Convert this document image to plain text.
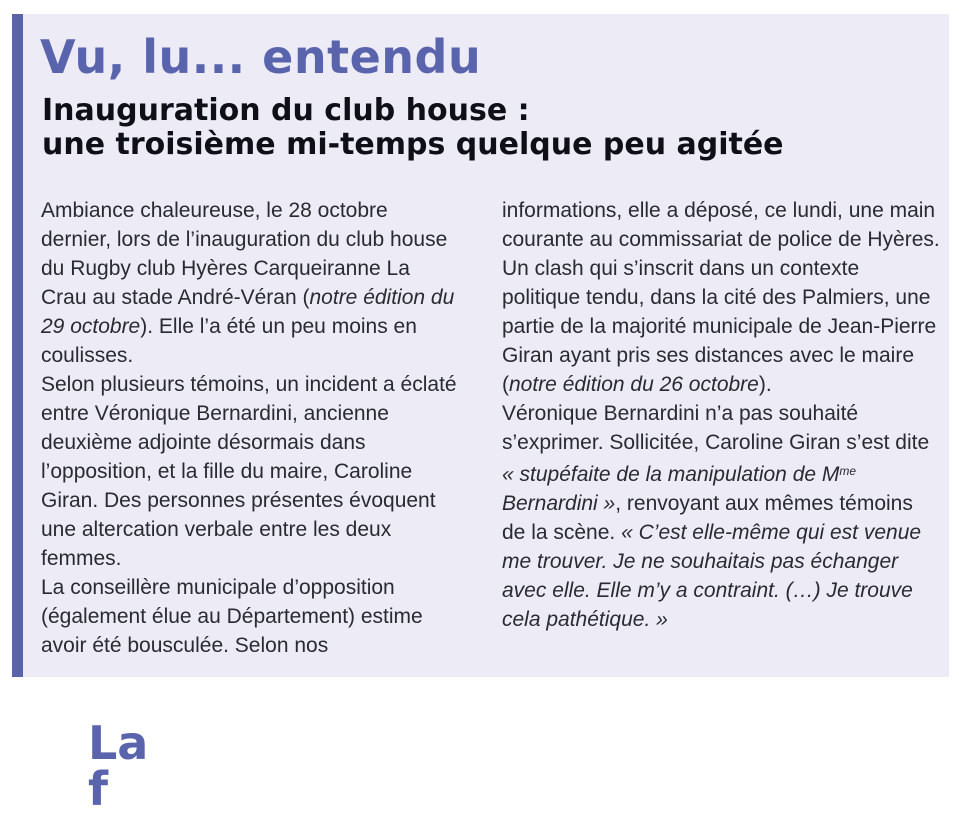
Vu, lu... entendu
Inauguration du club house :
une troisième mi-temps quelque peu agitée

Ambiance chaleureuse, le 28 octobre dernier, lors de l’inauguration du club house du Rugby club Hyères Carqueiranne La Crau au stade André-Véran (notre édition du 29 octobre). Elle l’a été un peu moins en coulisses.

Selon plusieurs témoins, un incident a éclaté entre Véronique Bernardini, ancienne deuxième adjointe désormais dans l’opposition, et la fille du maire, Caroline Giran. Des personnes présentes évoquent une altercation verbale entre les deux femmes.

La conseillère municipale d’opposition (également élue au Département) estime avoir été bousculée. Selon nos

informations, elle a déposé, ce lundi, une main courante au commissariat de police de Hyères.

Un clash qui s’inscrit dans un contexte politique tendu, dans la cité des Palmiers, une partie de la majorité municipale de Jean-Pierre Giran ayant pris ses distances avec le maire (notre édition du 26 octobre).

Véronique Bernardini n’a pas souhaité s’exprimer. Sollicitée, Caroline Giran s’est dite « stupéfaite de la manipulation de $M^{me}$ Bernardini », renvoyant aux mêmes témoins de la scène. « C’est elle-même qui est venue me trouver. Je ne souhaitais pas échanger avec elle. Elle m’y a contraint. (…) Je trouve cela pathétique. »

La f
